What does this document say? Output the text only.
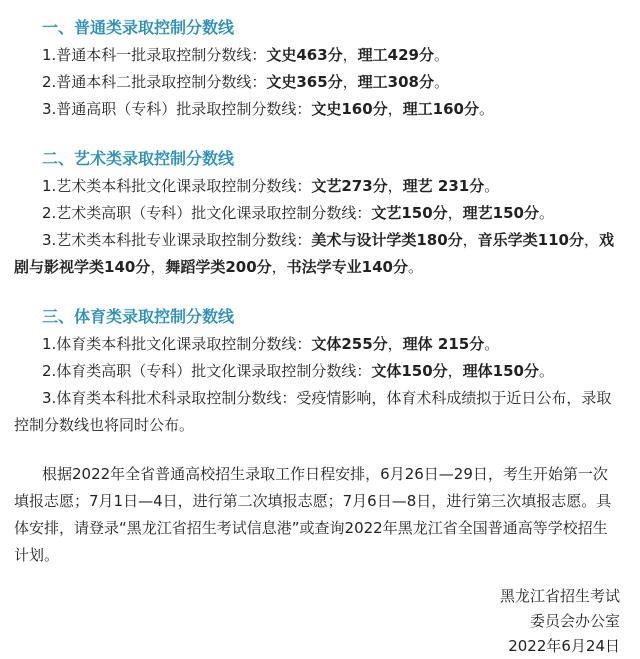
一、普通类录取控制分数线
1.普通本科一批录取控制分数线：文史463分，理工429分。
2.普通本科二批录取控制分数线：文史365分，理工308分。
3.普通高职（专科）批录取控制分数线：文史160分，理工160分。
二、艺术类录取控制分数线
1.艺术类本科批文化课录取控制分数线：文艺273分，理艺 231分。
2.艺术类高职（专科）批文化课录取控制分数线：文艺150分，理艺150分。
3.艺术类本科批专业课录取控制分数线：美术与设计学类180分，音乐学类110分，戏剧与影视学类140分，舞蹈学类200分，书法学专业140分。
三、体育类录取控制分数线
1.体育类本科批文化课录取控制分数线：文体255分，理体 215分。
2.体育类高职（专科）批文化课录取控制分数线：文体150分，理体150分。
3.体育类本科批术科录取控制分数线：受疫情影响，体育术科成绩拟于近日公布，录取控制分数线也将同时公布。

根据2022年全省普通高校招生录取工作日程安排，6月26日—29日，考生开始第一次填报志愿；7月1日—4日，进行第二次填报志愿；7月6日—8日，进行第三次填报志愿。具体安排，请登录“黑龙江省招生考试信息港”或查询2022年黑龙江省全国普通高等学校招生计划。

黑龙江省招生考试
委员会办公室
2022年6月24日
